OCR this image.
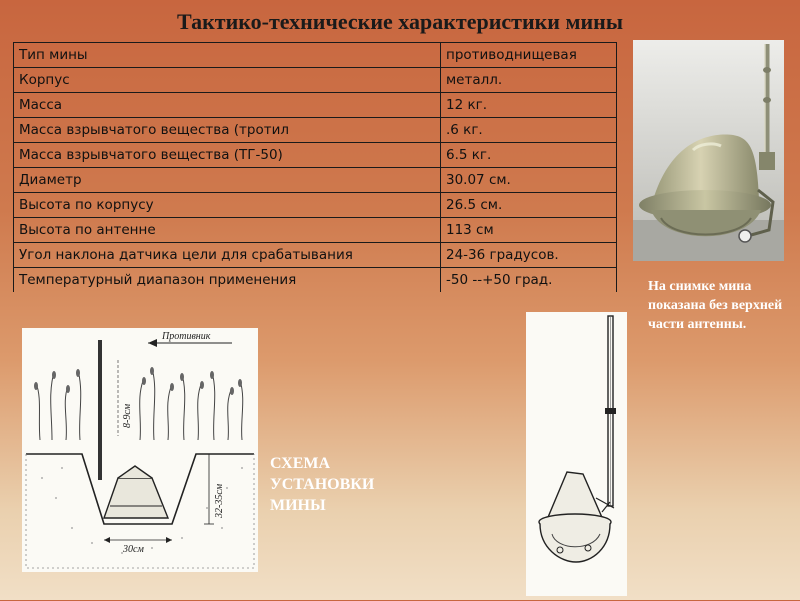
Тактико-технические характеристики мины
Тип мины	противоднищевая
Корпус	металл.
Масса	12 кг.
Масса взрывчатого вещества (тротил	.6 кг.
Масса взрывчатого вещества (ТГ-50)	6.5 кг.
Диаметр	30.07 см.
Высота по корпусу	26.5 см.
Высота по антенне	113 см
Угол наклона датчика цели для срабатывания	24-36 градусов.
Температурный диапазон применения	-50 --+50 град.	На снимке мина показана без верхней части антенны.
Противник
32-35см
30см
8-9см
СХЕМА
УСТАНОВКИ
МИНЫ
